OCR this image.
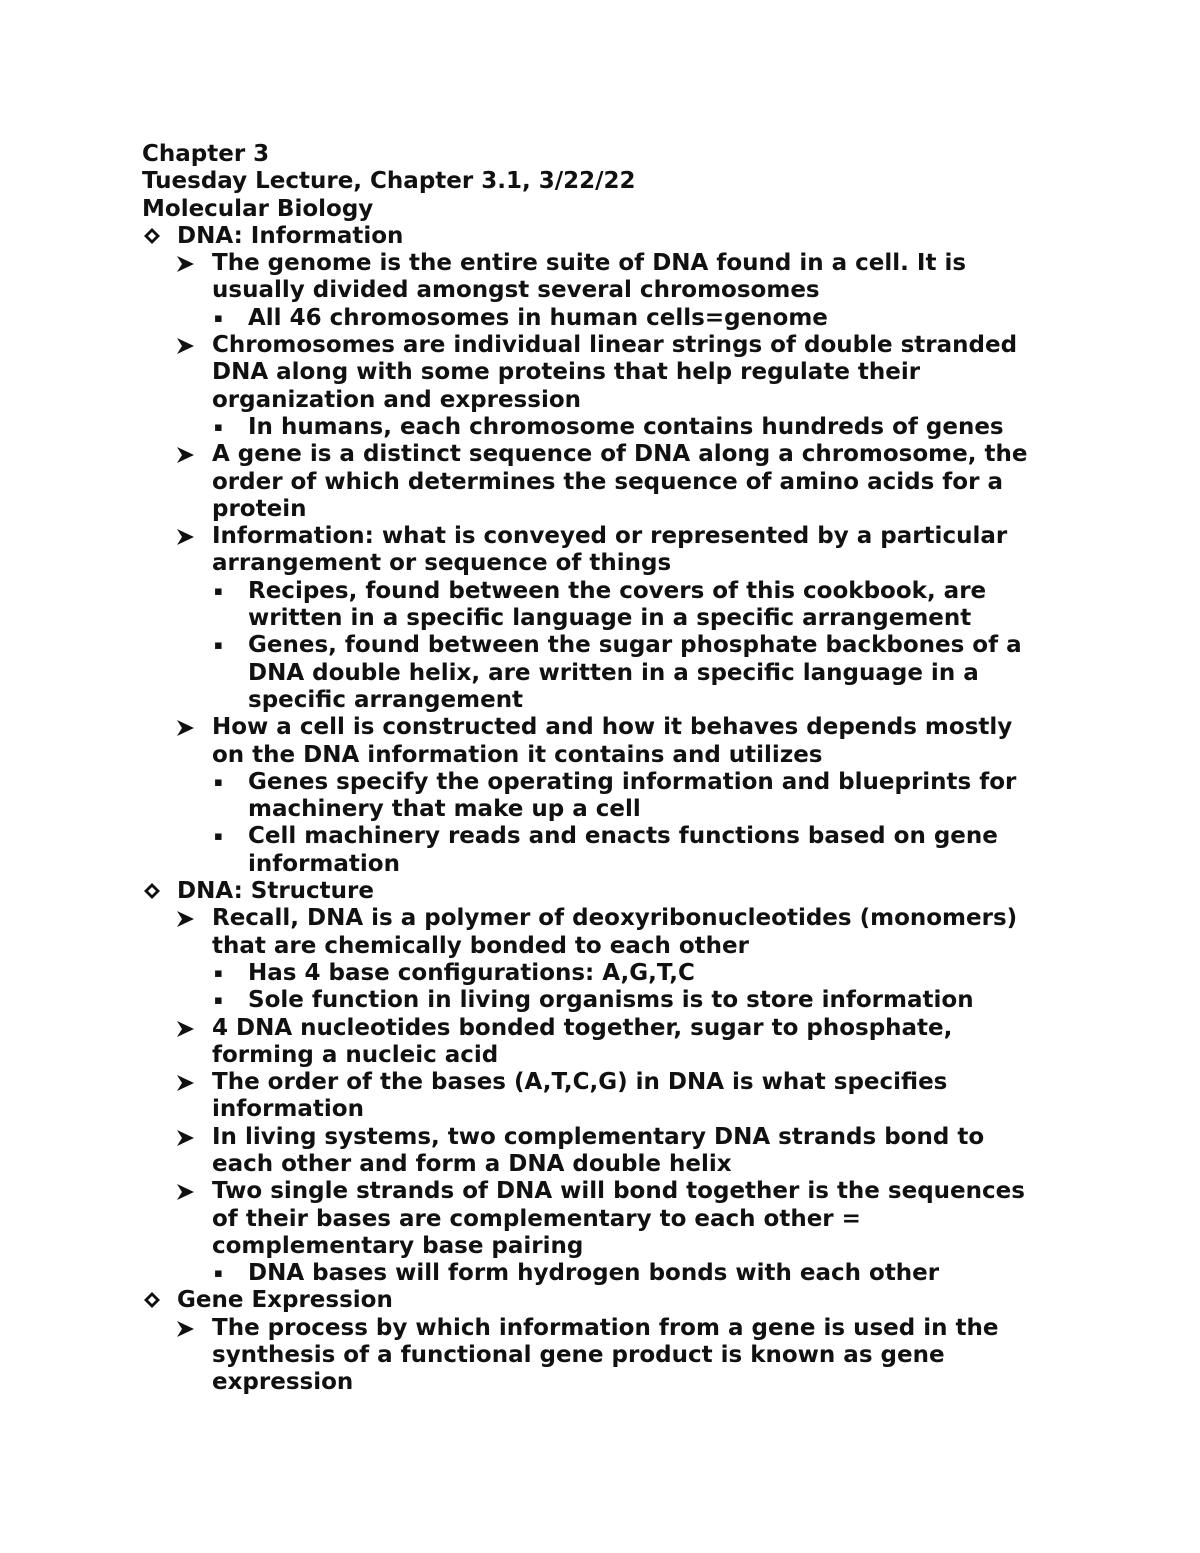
Chapter 3
Tuesday Lecture, Chapter 3.1, 3/22/22
Molecular Biology
DNA: Information
The genome is the entire suite of DNA found in a cell. It is
usually divided amongst several chromosomes
▪ All 46 chromosomes in human cells=genome
Chromosomes are individual linear strings of double stranded
DNA along with some proteins that help regulate their
organization and expression
▪ In humans, each chromosome contains hundreds of genes
A gene is a distinct sequence of DNA along a chromosome, the
order of which determines the sequence of amino acids for a
protein
Information: what is conveyed or represented by a particular
arrangement or sequence of things
▪ Recipes, found between the covers of this cookbook, are
written in a specific language in a specific arrangement
▪ Genes, found between the sugar phosphate backbones of a
DNA double helix, are written in a specific language in a
specific arrangement
How a cell is constructed and how it behaves depends mostly
on the DNA information it contains and utilizes
▪ Genes specify the operating information and blueprints for
machinery that make up a cell
▪ Cell machinery reads and enacts functions based on gene
information
DNA: Structure
Recall, DNA is a polymer of deoxyribonucleotides (monomers)
that are chemically bonded to each other
▪ Has 4 base configurations: A,G,T,C
▪ Sole function in living organisms is to store information
4 DNA nucleotides bonded together, sugar to phosphate,
forming a nucleic acid
The order of the bases (A,T,C,G) in DNA is what specifies
information
In living systems, two complementary DNA strands bond to
each other and form a DNA double helix
Two single strands of DNA will bond together is the sequences
of their bases are complementary to each other =
complementary base pairing
▪ DNA bases will form hydrogen bonds with each other
Gene Expression
The process by which information from a gene is used in the
synthesis of a functional gene product is known as gene
expression
